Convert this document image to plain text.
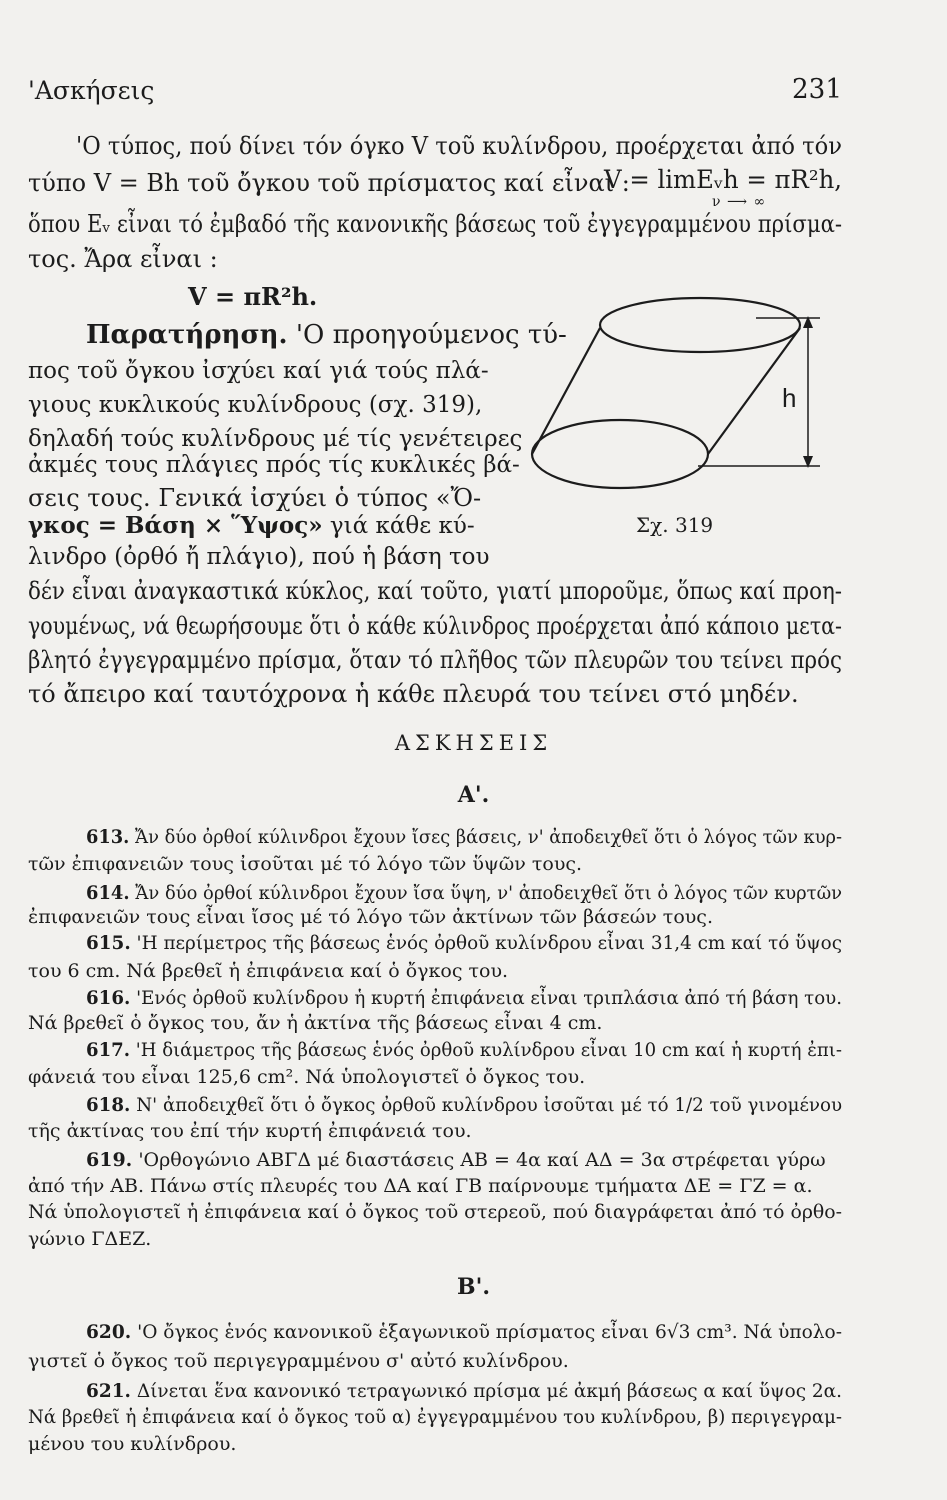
'Ασκήσεις	231
'Ο τύπος, πού δίνει τόν όγκο V τοῦ κυλίνδρου, προέρχεται ἀπό τόν
τύπο V = Bh τοῦ ὄγκου τοῦ πρίσματος καί εἶναι :
V = limEᵥh = πR²h,
ν ⟶ ∞
ὅπου Eᵥ εἶναι τό ἐμβαδό τῆς κανονικῆς βάσεως τοῦ ἐγγεγραμμένου πρίσμα-
τος. Ἄρα εἶναι :
V = πR²h.
Παρατήρηση. 'Ο προηγούμενος τύ-
πος τοῦ ὄγκου ἰσχύει καί γιά τούς πλά-
γιους κυκλικούς κυλίνδρους (σχ. 319),
δηλαδή τούς κυλίνδρους μέ τίς γενέτειρες
ἀκμές τους πλάγιες πρός τίς κυκλικές βά-
σεις τους. Γενικά ἰσχύει ὁ τύπος «Ὄ-
γκος = Βάση × Ὕψος» γιά κάθε κύ-
λινδρο (ὀρθό ἤ πλάγιο), πού ἡ βάση του
h
Σχ. 319
δέν εἶναι ἀναγκαστικά κύκλος, καί τοῦτο, γιατί μποροῦμε, ὅπως καί προη-
γουμένως, νά θεωρήσουμε ὅτι ὁ κάθε κύλινδρος προέρχεται ἀπό κάποιο μετα-
βλητό ἐγγεγραμμένο πρίσμα, ὅταν τό πλῆθος τῶν πλευρῶν του τείνει πρός
τό ἄπειρο καί ταυτόχρονα ἡ κάθε πλευρά του τείνει στό μηδέν.
ΑΣΚΗΣΕΙΣ
Α'.
613. Ἄν δύο ὀρθοί κύλινδροι ἔχουν ἴσες βάσεις, ν' ἀποδειχθεῖ ὅτι ὁ λόγος τῶν κυρ-
τῶν ἐπιφανειῶν τους ἰσοῦται μέ τό λόγο τῶν ὕψῶν τους.
614. Ἄν δύο ὀρθοί κύλινδροι ἔχουν ἴσα ὕψη, ν' ἀποδειχθεῖ ὅτι ὁ λόγος τῶν κυρτῶν
ἐπιφανειῶν τους εἶναι ἴσος μέ τό λόγο τῶν ἀκτίνων τῶν βάσεών τους.
615. 'Η περίμετρος τῆς βάσεως ἑνός ὀρθοῦ κυλίνδρου εἶναι 31,4 cm καί τό ὕψος
του 6 cm. Νά βρεθεῖ ἡ ἐπιφάνεια καί ὁ ὄγκος του.
616. 'Ενός ὀρθοῦ κυλίνδρου ἡ κυρτή ἐπιφάνεια εἶναι τριπλάσια ἀπό τή βάση του.
Νά βρεθεῖ ὁ ὄγκος του, ἄν ἡ ἀκτίνα τῆς βάσεως εἶναι 4 cm.
617. 'Η διάμετρος τῆς βάσεως ἑνός ὀρθοῦ κυλίνδρου εἶναι 10 cm καί ἡ κυρτή ἐπι-
φάνειά του εἶναι 125,6 cm². Νά ὑπολογιστεῖ ὁ ὄγκος του.
618. Ν' ἀποδειχθεῖ ὅτι ὁ ὄγκος ὀρθοῦ κυλίνδρου ἰσοῦται μέ τό 1/2 τοῦ γινομένου
τῆς ἀκτίνας του ἐπί τήν κυρτή ἐπιφάνειά του.
619. 'Ορθογώνιο ΑΒΓΔ μέ διαστάσεις ΑΒ = 4α καί ΑΔ = 3α στρέφεται γύρω
ἀπό τήν ΑΒ. Πάνω στίς πλευρές του ΔΑ καί ΓΒ παίρνουμε τμήματα ΔΕ = ΓΖ = α.
Νά ὑπολογιστεῖ ἡ ἐπιφάνεια καί ὁ ὄγκος τοῦ στερεοῦ, πού διαγράφεται ἀπό τό ὀρθο-
γώνιο ΓΔΕΖ.
Β'.
620. 'Ο ὄγκος ἑνός κανονικοῦ ἑξαγωνικοῦ πρίσματος εἶναι 6√3 cm³. Νά ὑπολο-
γιστεῖ ὁ ὄγκος τοῦ περιγεγραμμένου σ' αὐτό κυλίνδρου.
621. Δίνεται ἕνα κανονικό τετραγωνικό πρίσμα μέ ἀκμή βάσεως α καί ὕψος 2α.
Νά βρεθεῖ ἡ ἐπιφάνεια καί ὁ ὄγκος τοῦ α) ἐγγεγραμμένου του κυλίνδρου, β) περιγεγραμ-
μένου του κυλίνδρου.
